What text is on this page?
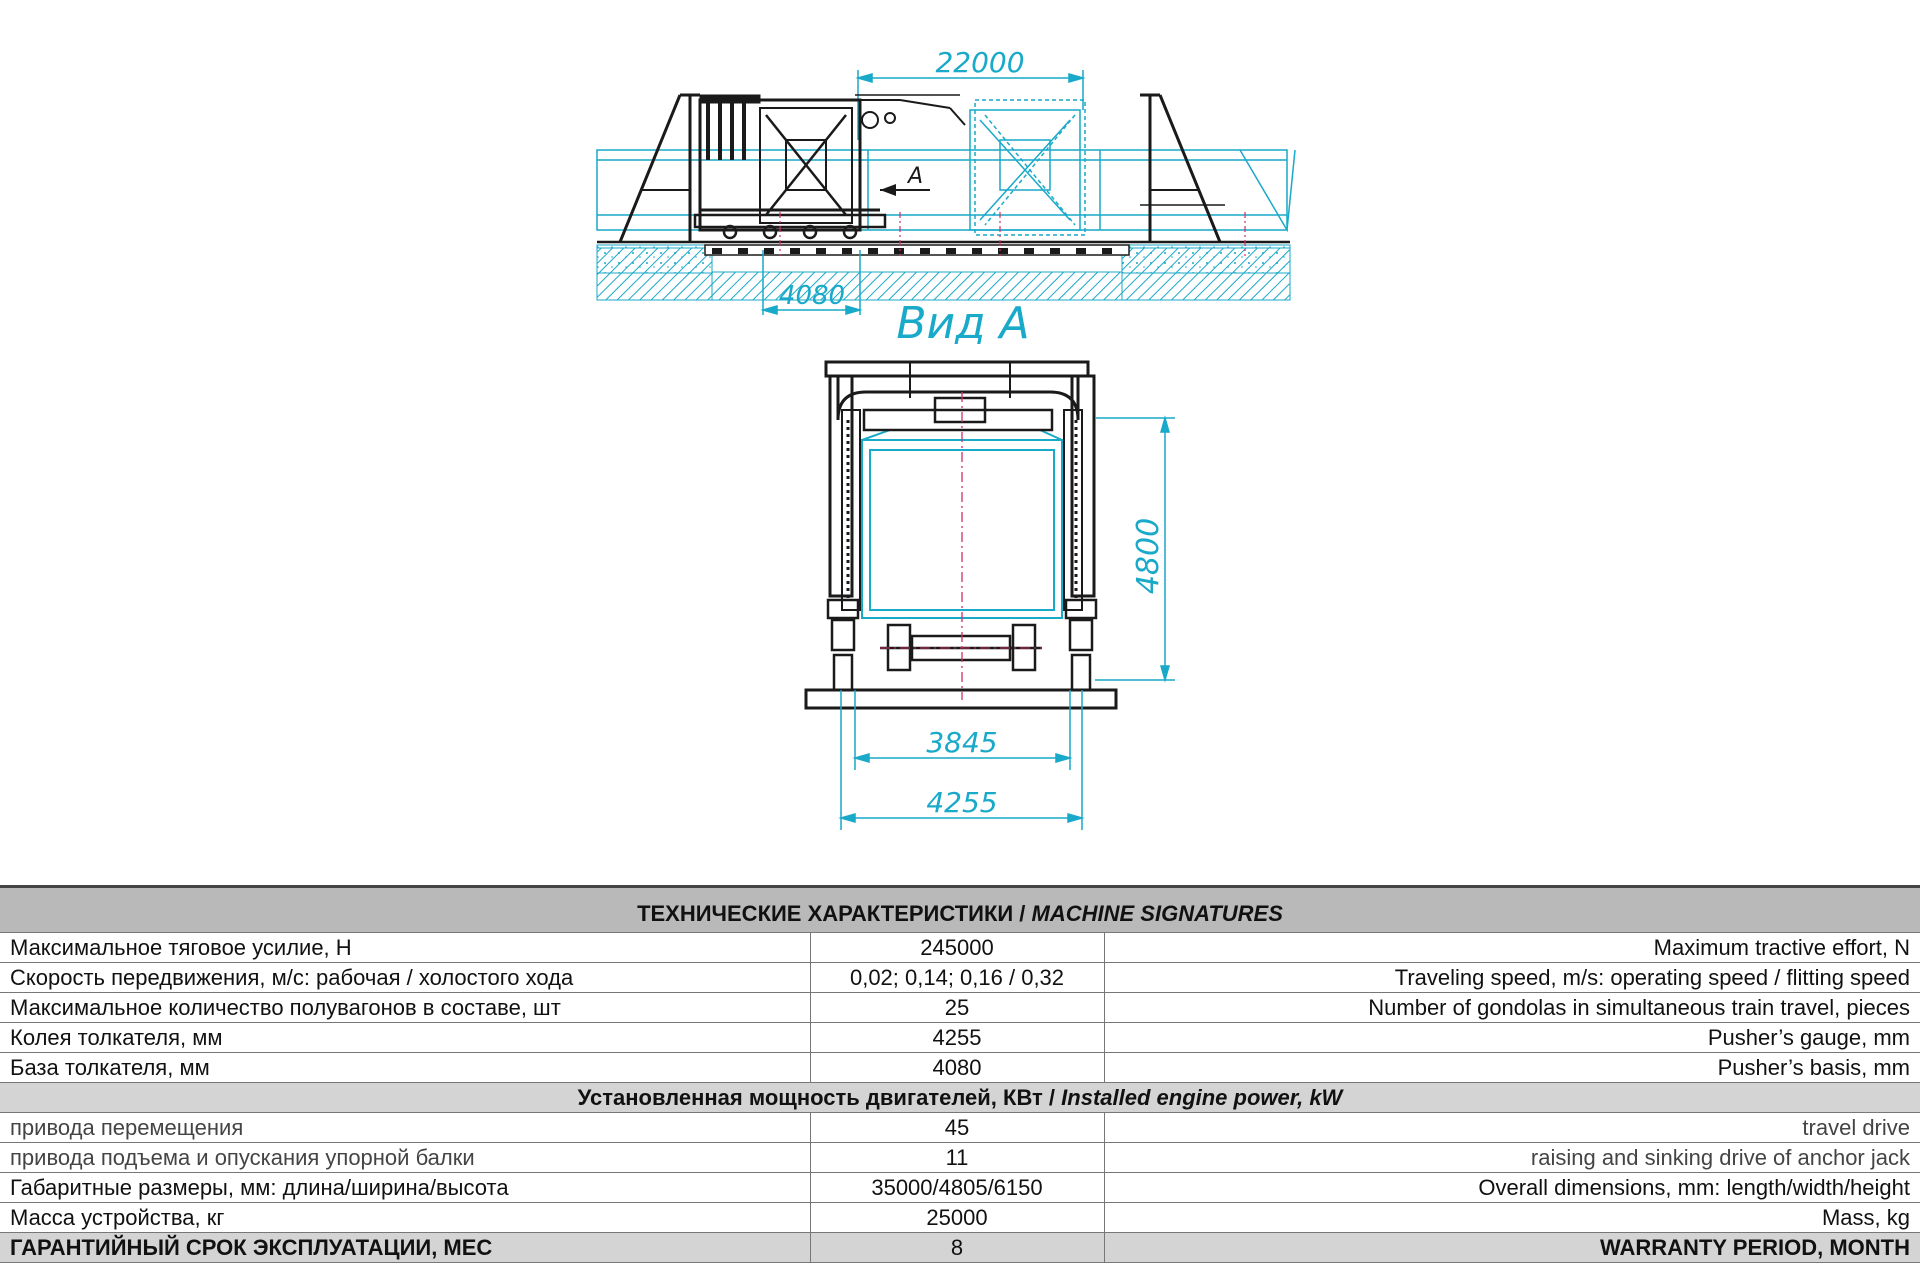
22000
A
4080
Вид А
4800
3845
4255
ТЕХНИЧЕСКИЕ ХАРАКТЕРИСТИКИ / MACHINE SIGNATURES		
Максимальное тяговое усилие, Н	245000	Maximum tractive effort, N
Скорость передвижения, м/с: рабочая / холостого хода	0,02; 0,14; 0,16 / 0,32	Traveling speed, m/s: operating speed / flitting speed
Максимальное количество полувагонов в составе, шт	25	Number of gondolas in simultaneous train travel, pieces
Колея толкателя, мм	4255	Pusher’s gauge, mm
База толкателя, мм	4080	Pusher’s basis, mm
Установленная мощность двигателей, КВт / Installed engine power, kW		
привода перемещения	45	travel drive
привода подъема и опускания упорной балки	11	raising and sinking drive of anchor jack
Габаритные размеры, мм: длина/ширина/высота	35000/4805/6150	Overall dimensions, mm: length/width/height
Масса устройства, кг	25000	Mass, kg
ГАРАНТИЙНЫЙ СРОК ЭКСПЛУАТАЦИИ, МЕС	8	WARRANTY PERIOD, MONTH
